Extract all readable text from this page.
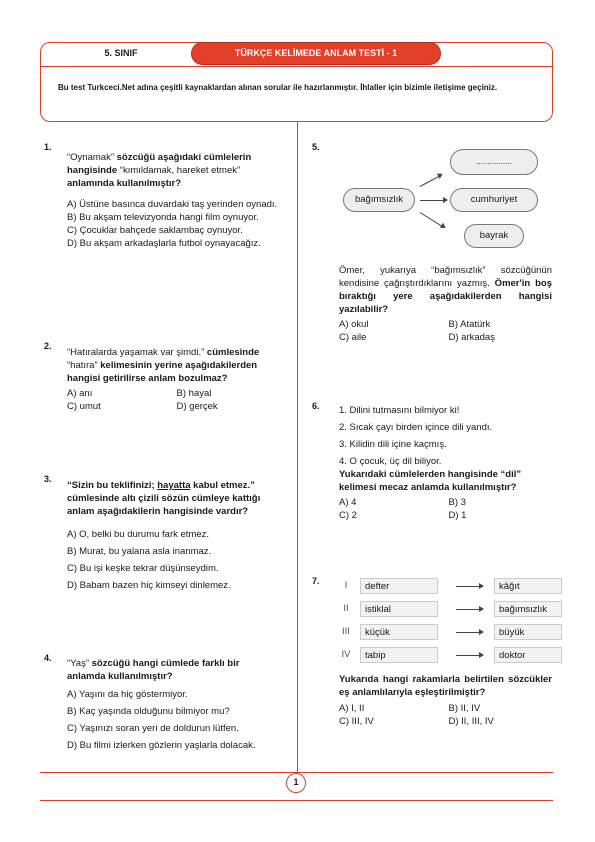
5. SINIF	TÜRKÇE KELİMEDE ANLAM TESTİ - 1
Bu test Turkceci.Net adına çeşitli kaynaklardan alınan sorular ile hazırlanmıştır. İhlaller için bizimle iletişime geçiniz.
1
1.

“Oynamak” sözcüğü aşağıdaki cümlelerin hangisinde “kımıldamak, hareket etmek” anlamında kullanılmıştır?

A) Üstüne basınca duvardaki taş yerinden oynadı.

B) Bu akşam televizyonda hangi film oynuyor.

C) Çocuklar bahçede saklambaç oynuyor.

D) Bu akşam arkadaşlarla futbol oynayacağız.

2.

“Hatıralarda yaşamak var şimdi.” cümlesinde “hatıra” kelimesinin yerine aşağıdakilerden hangisi getirilirse anlam bozulmaz?

A) anı	B) hayal
C) umut	D) gerçek
3.

“Sizin bu teklifinizi; hayatta kabul etmez.” cümlesinde altı çizili sözün cümleye kattığı anlam aşağıdakilerin hangisinde vardır?

A) O, belki bu durumu fark etmez.

B) Murat, bu yalana asla inanmaz.

C) Bu işi keşke tekrar düşünseydim.

D) Babam bazen hiç kimseyi dinlemez.

4. “Yaş” sözcüğü hangi cümlede farklı bir anlamda kullanılmıştır?

A) Yaşını da hiç göstermiyor.

B) Kaç yaşında olduğunu bilmiyor mu?

C) Yaşınızı soran yeri de doldurun lütfen.

D) Bu filmi izlerken gözlerin yaşlarla dolacak.

5.
bağımsızlık
................
cumhuriyet
bayrak

Ömer, yukarıya “bağımsızlık” sözcüğünün kendisine çağrıştırdıklarını yazmış. Ömer'in boş bıraktığı yere aşağıdakilerden hangisi yazılabilir?

A) okul	B) Atatürk
C) aile	D) arkadaş
6. 1. Dilini tutmasını bilmiyor ki!

2. Sıcak çayı birden içince dili yandı.

3. Kilidin dili içine kaçmış.

4. O çocuk, üç dil biliyor.

Yukarıdaki cümlelerden hangisinde “dil” kelimesi mecaz anlamda kullanılmıştır?

A) 4	B) 3
C) 2	D) 1
7.	I	defter	kâğıt
II	istiklal	bağımsızlık
III	küçük	büyük
IV	tabip	doktor

Yukarıda hangi rakamlarla belirtilen sözcükler eş anlamlılarıyla eşleştirilmiştir?

A) I, II	B) II, IV
C) III, IV	D) II, III, IV
